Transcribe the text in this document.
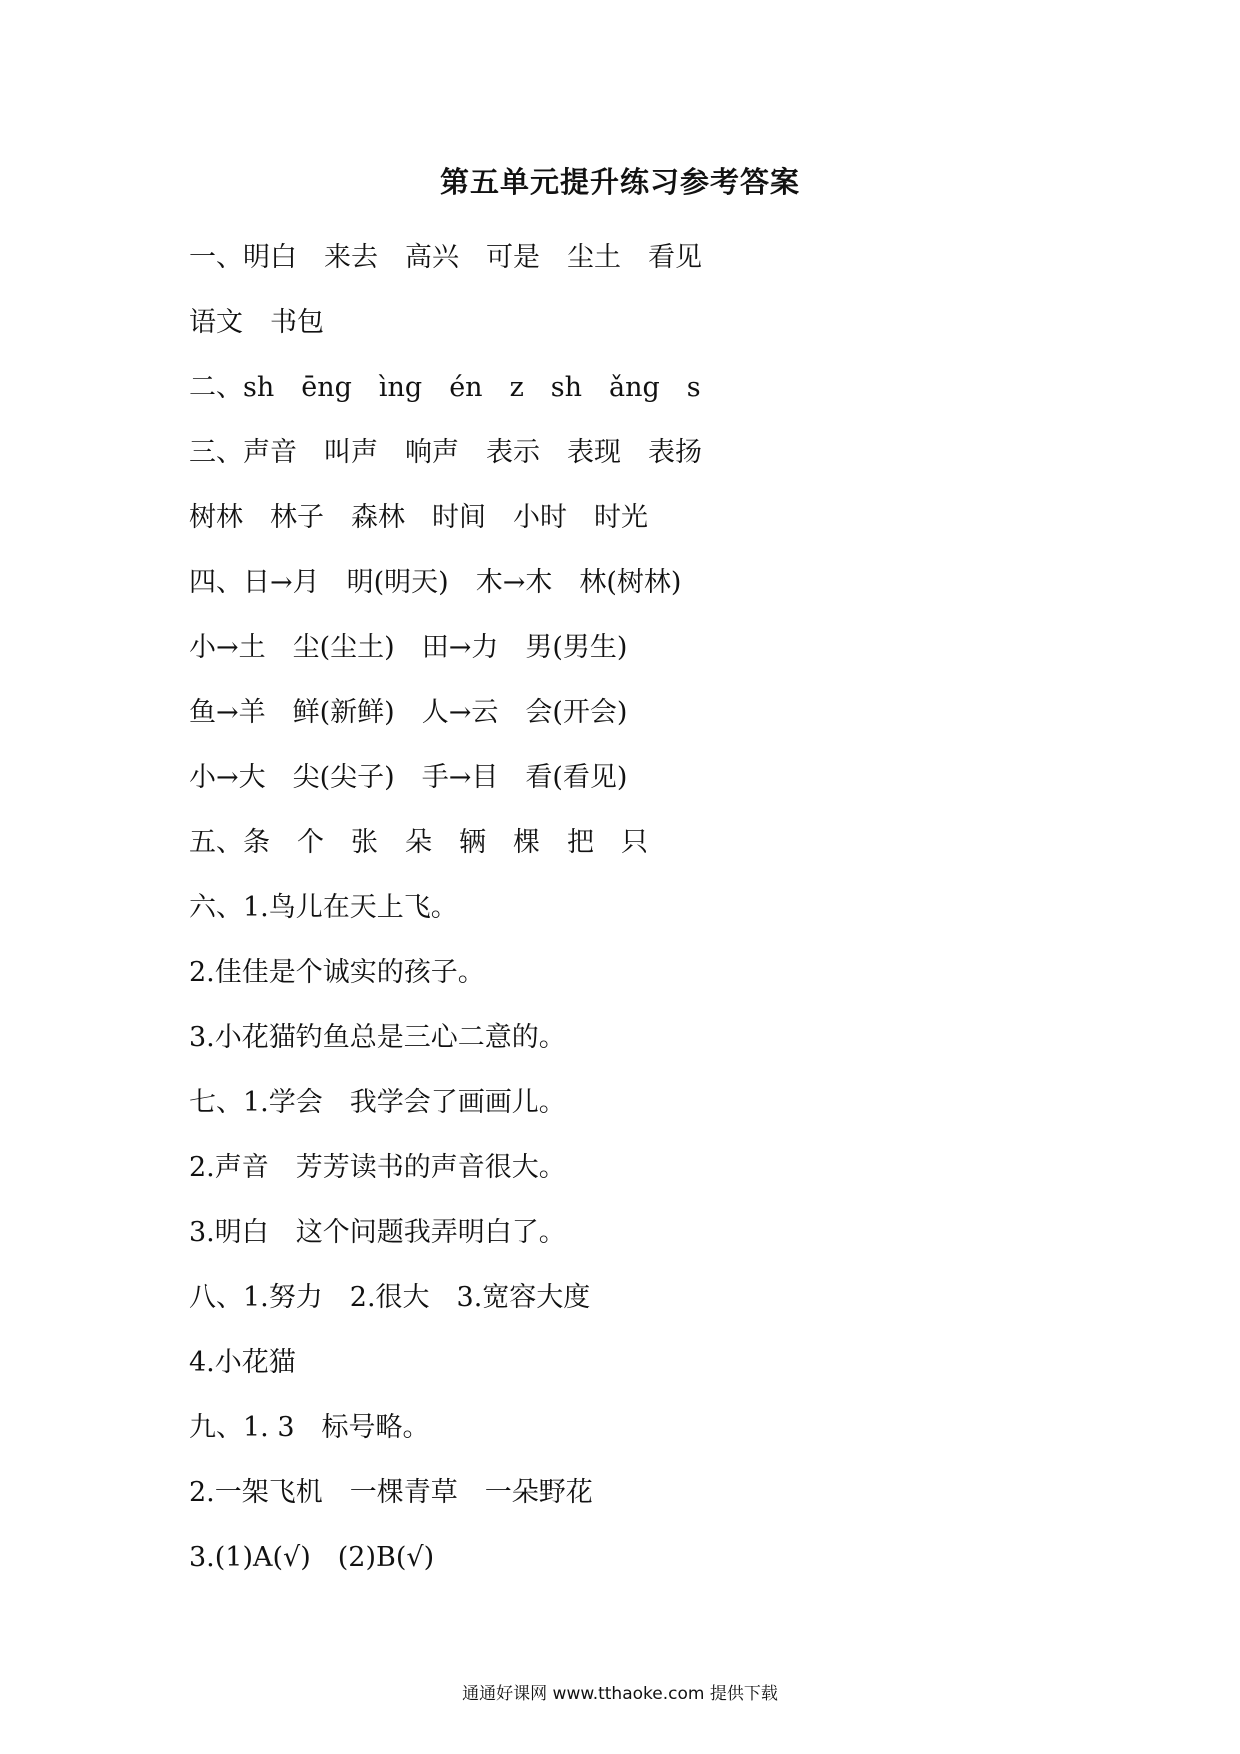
第五单元提升练习参考答案
一、明白　来去　高兴　可是　尘土　看见
语文　书包
二、sh　ēng　ìng　én　z　sh　ǎng　s
三、声音　叫声　响声　表示　表现　表扬
树林　林子　森林　时间　小时　时光
四、日→月　明(明天)　木→木　林(树林)
小→土　尘(尘土)　田→力　男(男生)
鱼→羊　鲜(新鲜)　人→云　会(开会)
小→大　尖(尖子)　手→目　看(看见)
五、条　个　张　朵　辆　棵　把　只
六、1.鸟儿在天上飞。
2.佳佳是个诚实的孩子。
3.小花猫钓鱼总是三心二意的。
七、1.学会　我学会了画画儿。
2.声音　芳芳读书的声音很大。
3.明白　这个问题我弄明白了。
八、1.努力　2.很大　3.宽容大度
4.小花猫
九、1. 3　标号略。
2.一架飞机　一棵青草　一朵野花
3.(1)A(√)　(2)B(√)
通通好课网 www.tthaoke.com 提供下载
